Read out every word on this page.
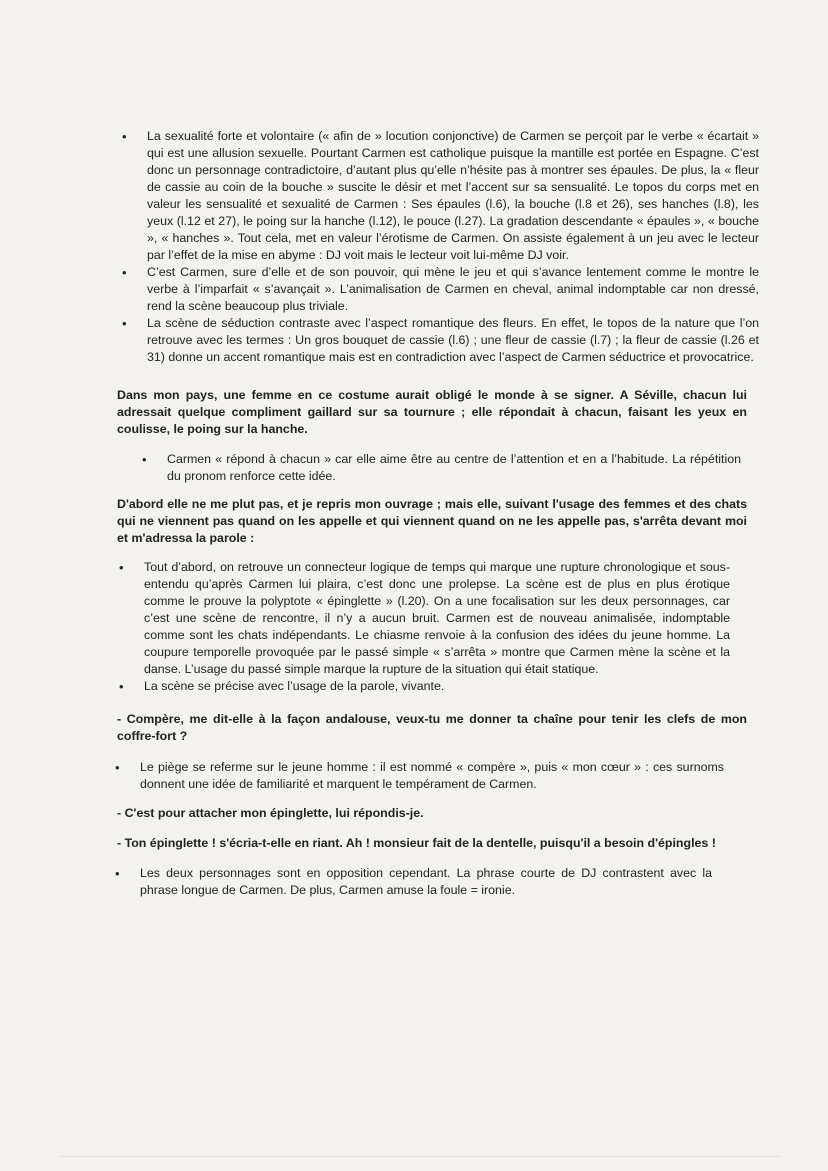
• La sexualité forte et volontaire (« afin de » locution conjonctive) de Carmen se perçoit par le verbe « écartait » qui est une allusion sexuelle. Pourtant Carmen est catholique puisque la mantille est portée en Espagne. C’est donc un personnage contradictoire, d’autant plus qu’elle n’hésite pas à montrer ses épaules. De plus, la « fleur de cassie au coin de la bouche » suscite le désir et met l’accent sur sa sensualité. Le topos du corps met en valeur les sensualité et sexualité de Carmen : Ses épaules (l.6), la bouche (l.8 et 26), ses hanches (l.8), les yeux (l.12 et 27), le poing sur la hanche (l.12), le pouce (l.27). La gradation descendante « épaules », « bouche », « hanches ». Tout cela, met en valeur l’érotisme de Carmen. On assiste également à un jeu avec le lecteur par l’effet de la mise en abyme : DJ voit mais le lecteur voit lui-même DJ voir.
• C’est Carmen, sure d’elle et de son pouvoir, qui mène le jeu et qui s’avance lentement comme le montre le verbe à l’imparfait « s’avançait ». L’animalisation de Carmen en cheval, animal indomptable car non dressé, rend la scène beaucoup plus triviale.
• La scène de séduction contraste avec l’aspect romantique des fleurs. En effet, le topos de la nature que l’on retrouve avec les termes : Un gros bouquet de cassie (l.6) ; une fleur de cassie (l.7) ; la fleur de cassie (l.26 et 31) donne un accent romantique mais est en contradiction avec l’aspect de Carmen séductrice et provocatrice.

Dans mon pays, une femme en ce costume aurait obligé le monde à se signer. A Séville, chacun lui adressait quelque compliment gaillard sur sa tournure ; elle répondait à chacun, faisant les yeux en coulisse, le poing sur la hanche.

• Carmen « répond à chacun » car elle aime être au centre de l’attention et en a l’habitude. La répétition du pronom renforce cette idée.

D'abord elle ne me plut pas, et je repris mon ouvrage ; mais elle, suivant l'usage des femmes et des chats qui ne viennent pas quand on les appelle et qui viennent quand on ne les appelle pas, s'arrêta devant moi et m'adressa la parole :

• Tout d’abord, on retrouve un connecteur logique de temps qui marque une rupture chronologique et sous-entendu qu’après Carmen lui plaira, c’est donc une prolepse. La scène est de plus en plus érotique comme le prouve la polyptote « épinglette » (l.20). On a une focalisation sur les deux personnages, car c’est une scène de rencontre, il n’y a aucun bruit. Carmen est de nouveau animalisée, indomptable comme sont les chats indépendants. Le chiasme renvoie à la confusion des idées du jeune homme. La coupure temporelle provoquée par le passé simple « s’arrêta » montre que Carmen mène la scène et la danse. L’usage du passé simple marque la rupture de la situation qui était statique.
• La scène se précise avec l’usage de la parole, vivante.

- Compère, me dit-elle à la façon andalouse, veux-tu me donner ta chaîne pour tenir les clefs de mon coffre-fort ?

• Le piège se referme sur le jeune homme : il est nommé « compère », puis « mon cœur » : ces surnoms donnent une idée de familiarité et marquent le tempérament de Carmen.

- C'est pour attacher mon épinglette, lui répondis-je.

- Ton épinglette ! s'écria-t-elle en riant. Ah ! monsieur fait de la dentelle, puisqu'il a besoin d'épingles !

• Les deux personnages sont en opposition cependant. La phrase courte de DJ contrastent avec la phrase longue de Carmen. De plus, Carmen amuse la foule = ironie.
